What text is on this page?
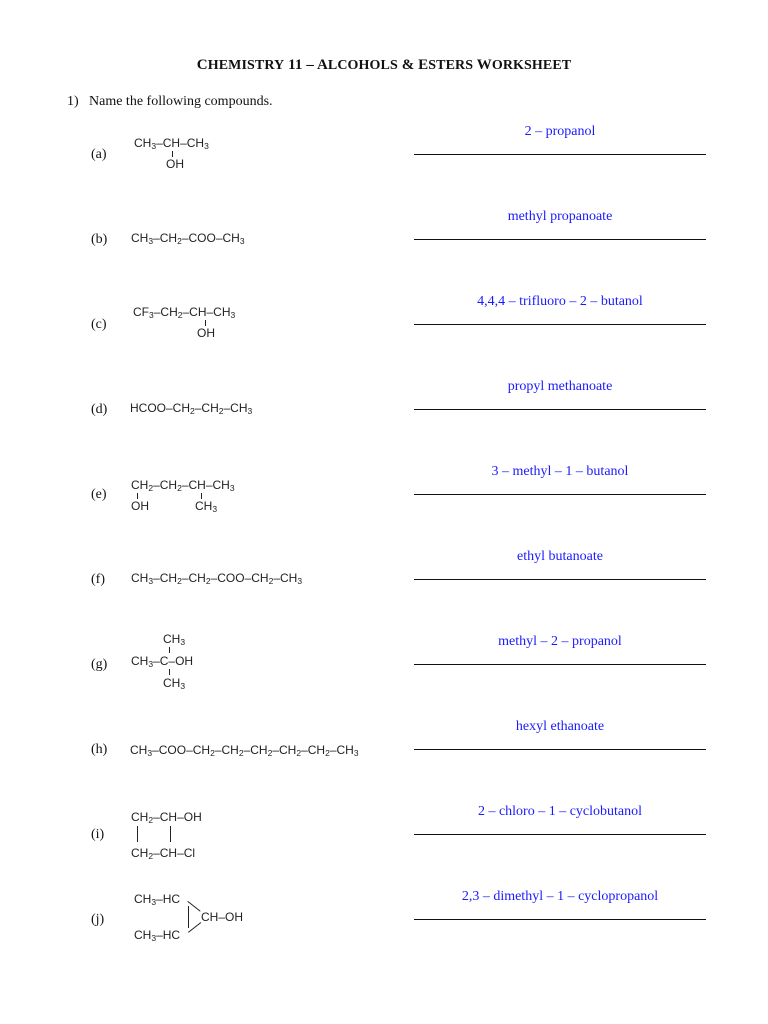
CHEMISTRY 11 – ALCOHOLS & ESTERS WORKSHEET
1) Name the following compounds.
(a)
$CH_3-CH-CH_3$
OH
2 – propanol
(b) $CH_3-CH_2-COO-CH_3$
methyl propanoate
(c)
$CF_3-CH_2-CH-CH_3$
OH
4,4,4 – trifluoro – 2 – butanol
(d) HCOO–$CH_2-CH_2-CH_3$
propyl methanoate
(e)
$CH_2-CH_2-CH-CH_3$
OH	$CH_3$
3 – methyl – 1 – butanol
(f) $CH_3-CH_2-CH_2-COO-CH_2-CH_3$
ethyl butanoate
(g)
$CH_3$
$CH_3-C-OH$
$CH_3$
methyl – 2 – propanol
(h) $CH_3-COO-CH_2-CH_2-CH_2-CH_2-CH_2-CH_3$
hexyl ethanoate
(i)
$CH_2-CH-OH$
$CH_2-CH-Cl$
2 – chloro – 1 – cyclobutanol
(j)
$CH_3-HC$
CH–OH
$CH_3-HC$
2,3 – dimethyl – 1 – cyclopropanol
